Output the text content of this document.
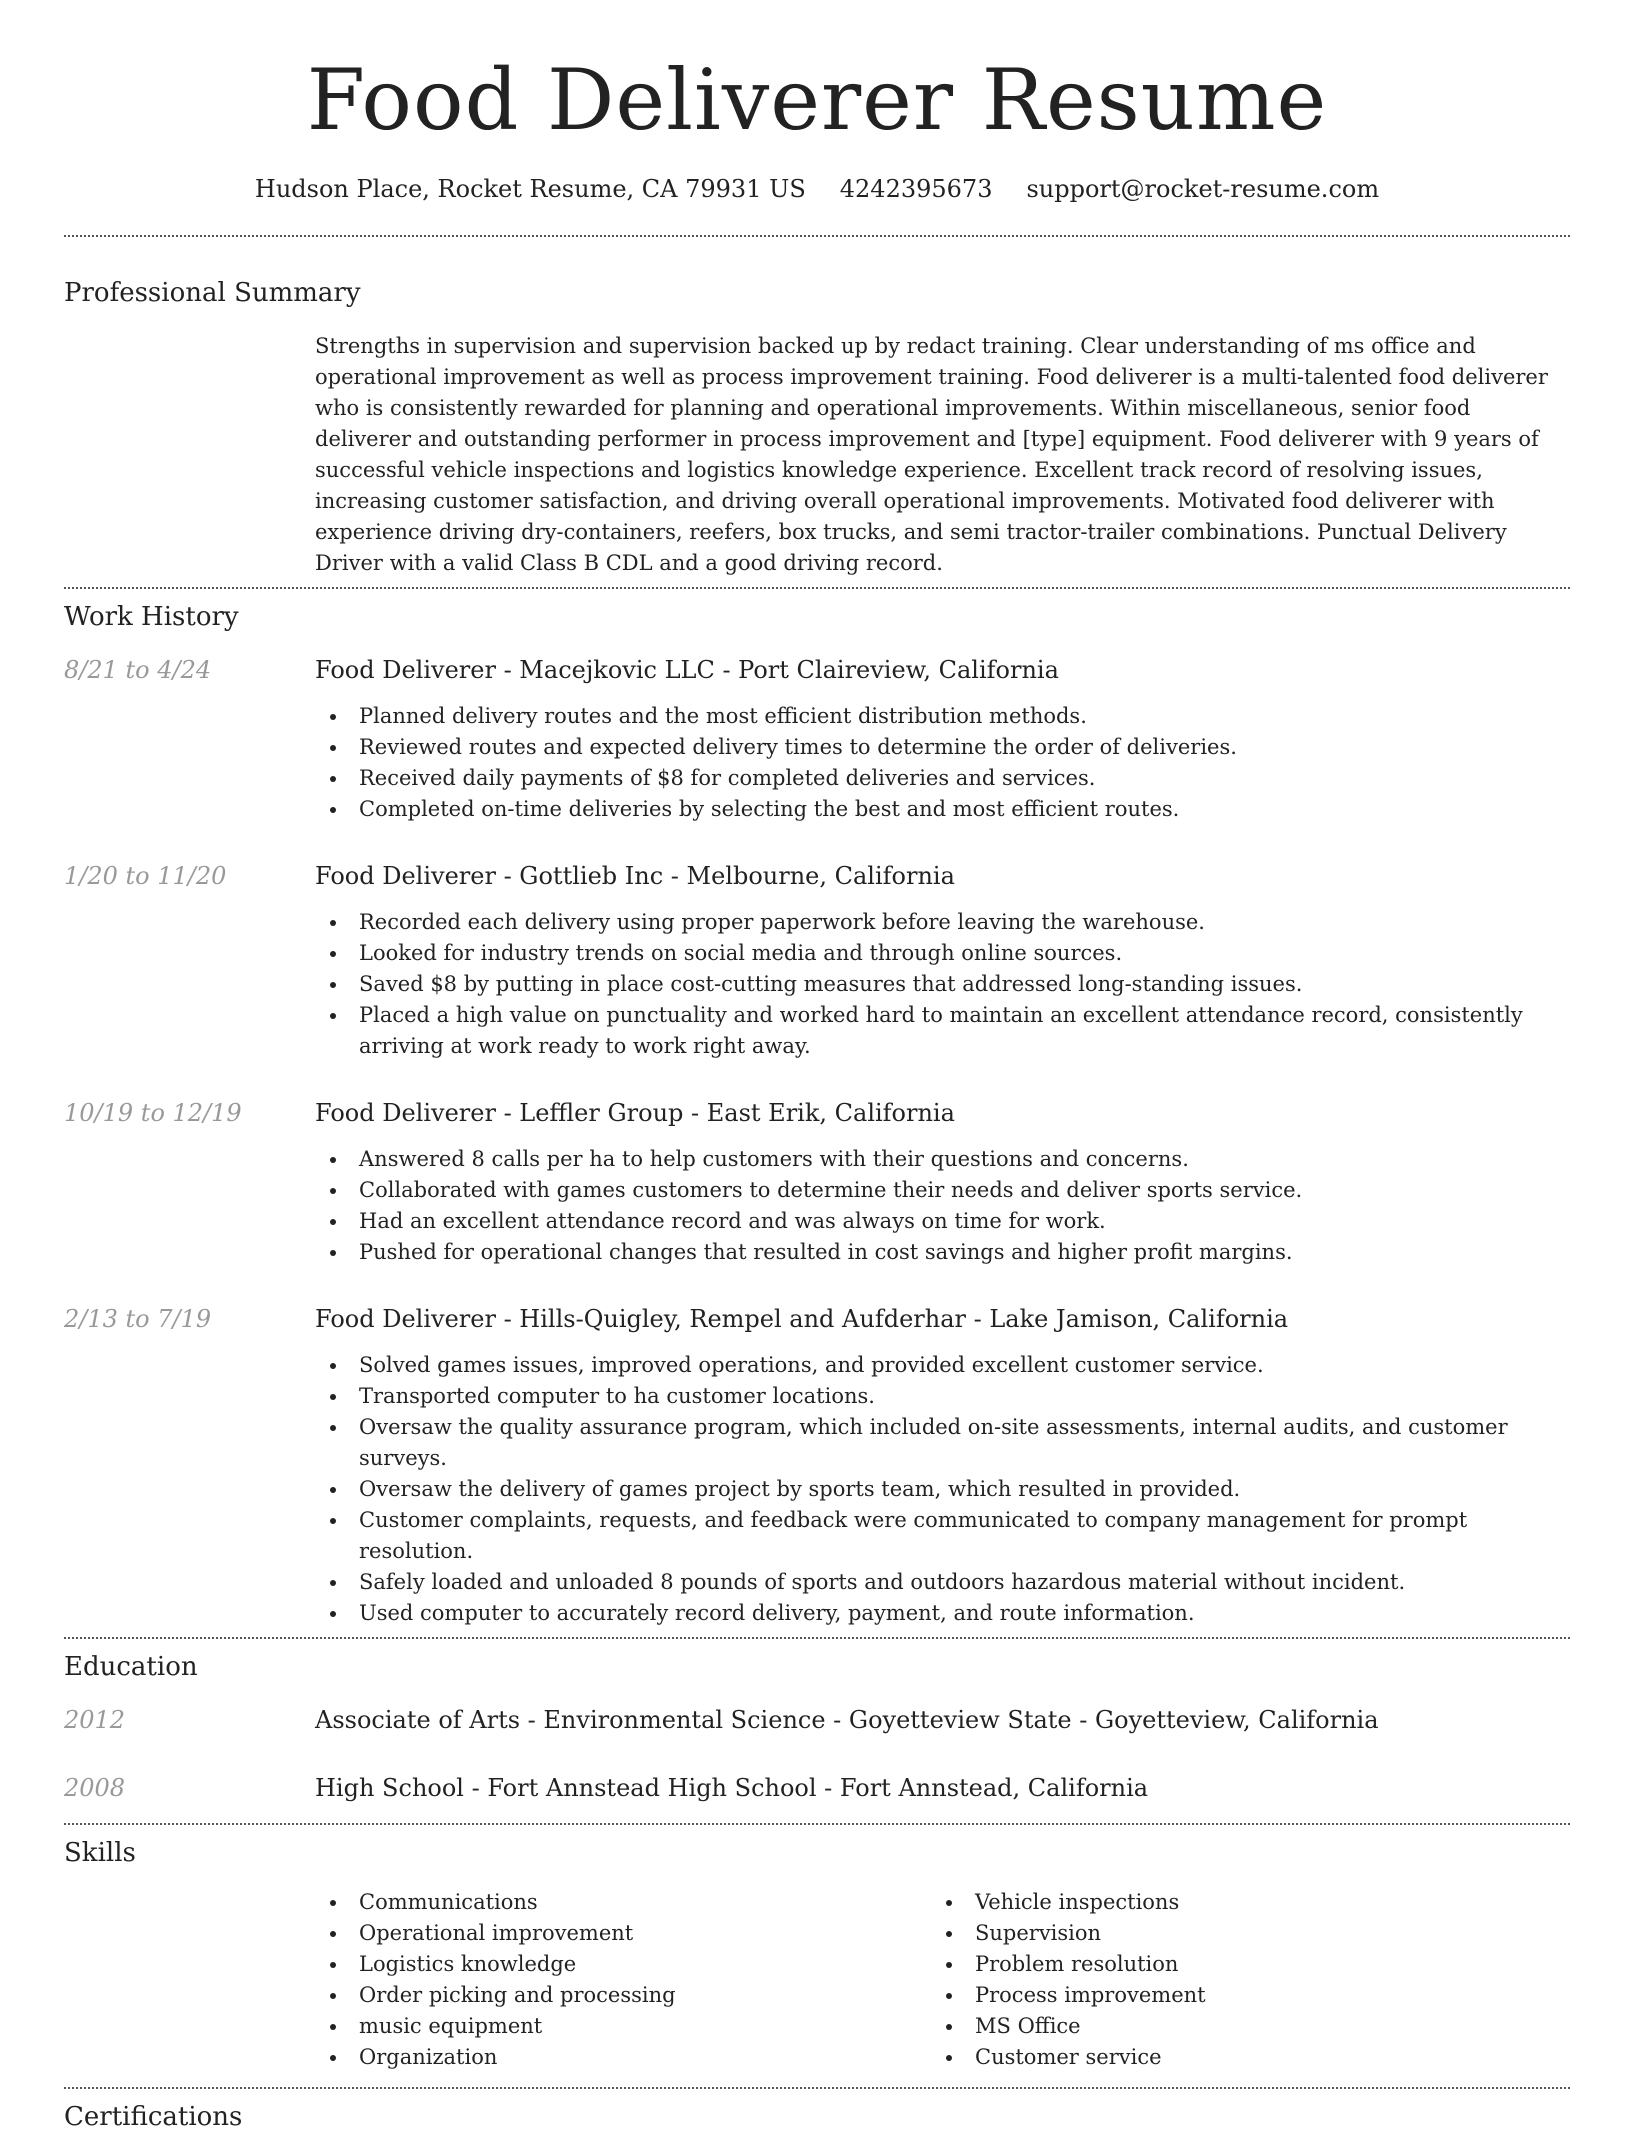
Food Deliverer Resume
Hudson Place, Rocket Resume, CA 79931 US 4242395673 support@rocket-resume.com
Professional Summary

Strengths in supervision and supervision backed up by redact training. Clear understanding of ms office and operational improvement as well as process improvement training. Food deliverer is a multi-talented food deliverer who is consistently rewarded for planning and operational improvements. Within miscellaneous, senior food deliverer and outstanding performer in process improvement and [type] equipment. Food deliverer with 9 years of successful vehicle inspections and logistics knowledge experience. Excellent track record of resolving issues, increasing customer satisfaction, and driving overall operational improvements. Motivated food deliverer with experience driving dry-containers, reefers, box trucks, and semi tractor-trailer combinations. Punctual Delivery Driver with a valid Class B CDL and a good driving record.

Work History
8/21 to 4/24	Food Deliverer - Macejkovic LLC - Port Claireview, California
Planned delivery routes and the most efficient distribution methods.
Reviewed routes and expected delivery times to determine the order of deliveries.
Received daily payments of $8 for completed deliveries and services.
Completed on-time deliveries by selecting the best and most efficient routes.
1/20 to 11/20	Food Deliverer - Gottlieb Inc - Melbourne, California
Recorded each delivery using proper paperwork before leaving the warehouse.
Looked for industry trends on social media and through online sources.
Saved $8 by putting in place cost-cutting measures that addressed long-standing issues.
Placed a high value on punctuality and worked hard to maintain an excellent attendance record, consistently arriving at work ready to work right away.
10/19 to 12/19	Food Deliverer - Leffler Group - East Erik, California
Answered 8 calls per ha to help customers with their questions and concerns.
Collaborated with games customers to determine their needs and deliver sports service.
Had an excellent attendance record and was always on time for work.
Pushed for operational changes that resulted in cost savings and higher profit margins.
2/13 to 7/19	Food Deliverer - Hills-Quigley, Rempel and Aufderhar - Lake Jamison, California
Solved games issues, improved operations, and provided excellent customer service.
Transported computer to ha customer locations.
Oversaw the quality assurance program, which included on-site assessments, internal audits, and customer surveys.
Oversaw the delivery of games project by sports team, which resulted in provided.
Customer complaints, requests, and feedback were communicated to company management for prompt resolution.
Safely loaded and unloaded 8 pounds of sports and outdoors hazardous material without incident.
Used computer to accurately record delivery, payment, and route information.
Education
2012	Associate of Arts - Environmental Science - Goyetteview State - Goyetteview, California
2008	High School - Fort Annstead High School - Fort Annstead, California
Skills
Communications
Operational improvement
Logistics knowledge
Order picking and processing
music equipment
Organization
Vehicle inspections
Supervision
Problem resolution
Process improvement
MS Office
Customer service
Certifications
